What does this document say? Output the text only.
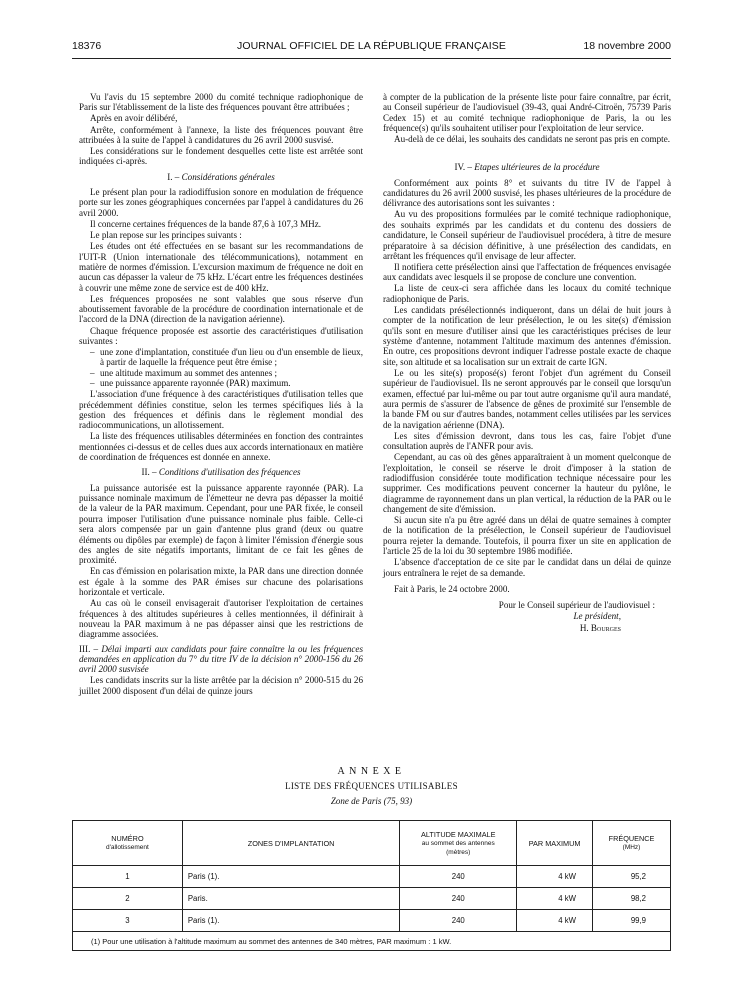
18376	JOURNAL OFFICIEL DE LA RÉPUBLIQUE FRANÇAISE	18 novembre 2000

Vu l'avis du 15 septembre 2000 du comité technique radiophonique de Paris sur l'établissement de la liste des fréquences pouvant être attribuées ;

Après en avoir délibéré,

Arrête, conformément à l'annexe, la liste des fréquences pouvant être attribuées à la suite de l'appel à candidatures du 26 avril 2000 susvisé.

Les considérations sur le fondement desquelles cette liste est arrêtée sont indiquées ci-après.

I. – Considérations générales

Le présent plan pour la radiodiffusion sonore en modulation de fréquence porte sur les zones géographiques concernées par l'appel à candidatures du 26 avril 2000.

Il concerne certaines fréquences de la bande 87,6 à 107,3 MHz.

Le plan repose sur les principes suivants :

Les études ont été effectuées en se basant sur les recommandations de l'UIT-R (Union internationale des télécommunications), notamment en matière de normes d'émission. L'excursion maximum de fréquence ne doit en aucun cas dépasser la valeur de 75 kHz. L'écart entre les fréquences destinées à couvrir une même zone de service est de 400 kHz.

Les fréquences proposées ne sont valables que sous réserve d'un aboutissement favorable de la procédure de coordination internationale et de l'accord de la DNA (direction de la navigation aérienne).

Chaque fréquence proposée est assortie des caractéristiques d'utilisation suivantes :

– une zone d'implantation, constituée d'un lieu ou d'un ensemble de lieux, à partir de laquelle la fréquence peut être émise ;
– une altitude maximum au sommet des antennes ;
– une puissance apparente rayonnée (PAR) maximum.

L'association d'une fréquence à des caractéristiques d'utilisation telles que précédemment définies constitue, selon les termes spécifiques liés à la gestion des fréquences et définis dans le règlement mondial des radiocommunications, un allotissement.

La liste des fréquences utilisables déterminées en fonction des contraintes mentionnées ci-dessus et de celles dues aux accords internationaux en matière de coordination de fréquences est donnée en annexe.

II. – Conditions d'utilisation des fréquences

La puissance autorisée est la puissance apparente rayonnée (PAR). La puissance nominale maximum de l'émetteur ne devra pas dépasser la moitié de la valeur de la PAR maximum. Cependant, pour une PAR fixée, le conseil pourra imposer l'utilisation d'une puissance nominale plus faible. Celle-ci sera alors compensée par un gain d'antenne plus grand (deux ou quatre éléments ou dipôles par exemple) de façon à limiter l'émission d'énergie sous des angles de site négatifs importants, limitant de ce fait les gênes de proximité.

En cas d'émission en polarisation mixte, la PAR dans une direction donnée est égale à la somme des PAR émises sur chacune des polarisations horizontale et verticale.

Au cas où le conseil envisagerait d'autoriser l'exploitation de certaines fréquences à des altitudes supérieures à celles mentionnées, il définirait à nouveau la PAR maximum à ne pas dépasser ainsi que les restrictions de diagramme associées.

III. – Délai imparti aux candidats pour faire connaître la ou les fréquences demandées en application du 7° du titre IV de la décision n° 2000-156 du 26 avril 2000 susvisée

Les candidats inscrits sur la liste arrêtée par la décision n° 2000-515 du 26 juillet 2000 disposent d'un délai de quinze jours

à compter de la publication de la présente liste pour faire connaître, par écrit, au Conseil supérieur de l'audiovisuel (39-43, quai André-Citroën, 75739 Paris Cedex 15) et au comité technique radiophonique de Paris, la ou les fréquence(s) qu'ils souhaitent utiliser pour l'exploitation de leur service.

Au-delà de ce délai, les souhaits des candidats ne seront pas pris en compte.

IV. – Etapes ultérieures de la procédure

Conformément aux points 8° et suivants du titre IV de l'appel à candidatures du 26 avril 2000 susvisé, les phases ultérieures de la procédure de délivrance des autorisations sont les suivantes :

Au vu des propositions formulées par le comité technique radiophonique, des souhaits exprimés par les candidats et du contenu des dossiers de candidature, le Conseil supérieur de l'audiovisuel procédera, à titre de mesure préparatoire à sa décision définitive, à une présélection des candidats, en arrêtant les fréquences qu'il envisage de leur affecter.

Il notifiera cette présélection ainsi que l'affectation de fréquences envisagée aux candidats avec lesquels il se propose de conclure une convention.

La liste de ceux-ci sera affichée dans les locaux du comité technique radiophonique de Paris.

Les candidats présélectionnés indiqueront, dans un délai de huit jours à compter de la notification de leur présélection, le ou les site(s) d'émission qu'ils sont en mesure d'utiliser ainsi que les caractéristiques précises de leur système d'antenne, notamment l'altitude maximum des antennes d'émission. En outre, ces propositions devront indiquer l'adresse postale exacte de chaque site, son altitude et sa localisation sur un extrait de carte IGN.

Le ou les site(s) proposé(s) feront l'objet d'un agrément du Conseil supérieur de l'audiovisuel. Ils ne seront approuvés par le conseil que lorsqu'un examen, effectué par lui-même ou par tout autre organisme qu'il aura mandaté, aura permis de s'assurer de l'absence de gênes de proximité sur l'ensemble de la bande FM ou sur d'autres bandes, notamment celles utilisées par les services de la navigation aérienne (DNA).

Les sites d'émission devront, dans tous les cas, faire l'objet d'une consultation auprès de l'ANFR pour avis.

Cependant, au cas où des gênes apparaîtraient à un moment quelconque de l'exploitation, le conseil se réserve le droit d'imposer à la station de radiodiffusion considérée toute modification technique nécessaire pour les supprimer. Ces modifications peuvent concerner la hauteur du pylône, le diagramme de rayonnement dans un plan vertical, la réduction de la PAR ou le changement de site d'émission.

Si aucun site n'a pu être agréé dans un délai de quatre semaines à compter de la notification de la présélection, le Conseil supérieur de l'audiovisuel pourra rejeter la demande. Toutefois, il pourra fixer un site en application de l'article 25 de la loi du 30 septembre 1986 modifiée.

L'absence d'acceptation de ce site par le candidat dans un délai de quinze jours entraînera le rejet de sa demande.

Fait à Paris, le 24 octobre 2000.

Pour le Conseil supérieur de l'audiovisuel :

Le président,

H. Bourges

ANNEXE

LISTE DES FRÉQUENCES UTILISABLES

Zone de Paris (75, 93)

NUMÉRO

d'allotissement	ZONES D'IMPLANTATION	ALTITUDE MAXIMALE

au sommet des antennes
(mètres)	PAR MAXIMUM	FRÉQUENCE

(MHz)

1	Paris (1).	240	4 kW	95,2
2	Paris.	240	4 kW	98,2
3	Paris (1).	240	4 kW	99,9
(1) Pour une utilisation à l'altitude maximum au sommet des antennes de 340 mètres, PAR maximum : 1 kW.				
